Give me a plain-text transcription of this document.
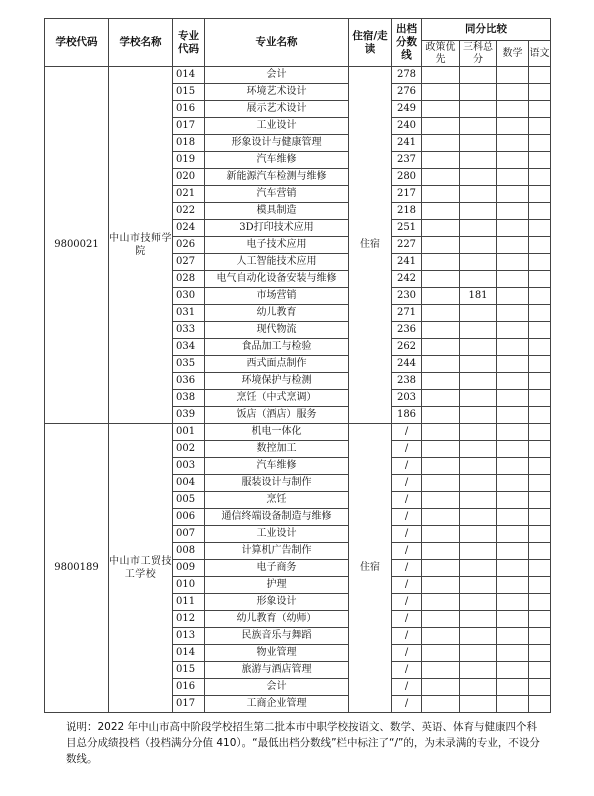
学校代码	学校名称	专业代码	专业名称	住宿/走读	出档分数线	同分比较			
						政策优先	三科总分	数学	语文
9800021	中山市技师学院	014	会计	住宿	278				
		015	环境艺术设计		276				
		016	展示艺术设计		249				
		017	工业设计		240				
		018	形象设计与健康管理		241				
		019	汽车维修		237				
		020	新能源汽车检测与维修		280				
		021	汽车营销		217				
		022	模具制造		218				
		024	3D打印技术应用		251				
		026	电子技术应用		227				
		027	人工智能技术应用		241				
		028	电气自动化设备安装与维修		242				
		030	市场营销		230		181		
		031	幼儿教育		271				
		033	现代物流		236				
		034	食品加工与检验		262				
		035	西式面点制作		244				
		036	环境保护与检测		238				
		038	烹饪（中式烹调）		203				
		039	饭店（酒店）服务		186				
9800189	中山市工贸技工学校	001	机电一体化	住宿	/				
		002	数控加工		/				
		003	汽车维修		/				
		004	服装设计与制作		/				
		005	烹饪		/				
		006	通信终端设备制造与维修		/				
		007	工业设计		/				
		008	计算机广告制作		/				
		009	电子商务		/				
		010	护理		/				
		011	形象设计		/				
		012	幼儿教育（幼师）		/				
		013	民族音乐与舞蹈		/				
		014	物业管理		/				
		015	旅游与酒店管理		/				
		016	会计		/				
		017	工商企业管理		/				
说明：2022 年中山市高中阶段学校招生第二批本市中职学校按语文、数学、英语、体育与健康四个科目总分成绩投档（投档满分分值 410）。“最低出档分数线”栏中标注了“/”的，为未录满的专业，不设分数线。
